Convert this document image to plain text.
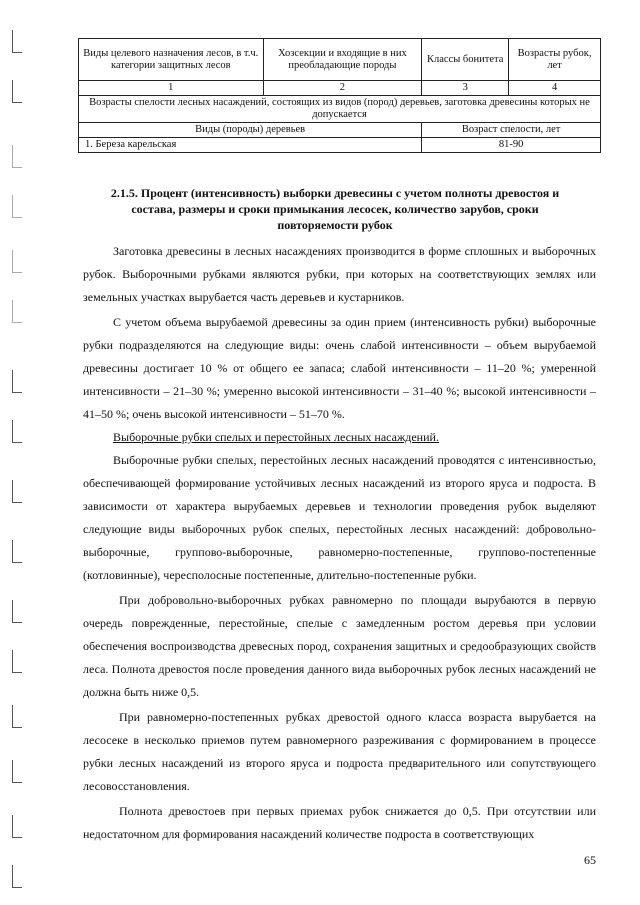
Виды целевого назначения лесов, в т.ч. категории защитных лесов	Хозсекции и входящие в них преобладающие породы	Классы бонитета	Возрасты рубок, лет
1	2	3	4
Возрасты спелости лесных насаждений, состоящих из видов (пород) деревьев, заготовка древесины которых не допускается			
Виды (породы) деревьев		Возраст спелости, лет	
1. Береза карельская		81-90	
2.1.5. Процент (интенсивность) выборки древесины с учетом полноты древостоя и состава, размеры и сроки примыкания лесосек, количество зарубов, сроки повторяемости рубок

Заготовка древесины в лесных насаждениях производится в форме сплошных и выборочных рубок. Выборочными рубками являются рубки, при которых на соответствующих землях или земельных участках вырубается часть деревьев и кустарников.

С учетом объема вырубаемой древесины за один прием (интенсивность рубки) выборочные рубки подразделяются на следующие виды: очень слабой интенсивности – объем вырубаемой древесины достигает 10 % от общего ее запаса; слабой интенсивности – 11–20 %; умеренной интенсивности – 21–30 %; умеренно высокой интенсивности – 31–40 %; высокой интенсивности – 41–50 %; очень высокой интенсивности – 51–70 %.

Выборочные рубки спелых и перестойных лесных насаждений.

Выборочные рубки спелых, перестойных лесных насаждений проводятся с интенсивностью, обеспечивающей формирование устойчивых лесных насаждений из второго яруса и подроста. В зависимости от характера вырубаемых деревьев и технологии проведения рубок выделяют следующие виды выборочных рубок спелых, перестойных лесных насаждений: добровольно-выборочные, группово-выборочные, равномерно-постепенные, группово-постепенные (котловинные), чересполосные постепенные, длительно-постепенные рубки.

При добровольно-выборочных рубках равномерно по площади вырубаются в первую очередь поврежденные, перестойные, спелые с замедленным ростом деревья при условии обеспечения воспроизводства древесных пород, сохранения защитных и средообразующих свойств леса. Полнота древостоя после проведения данного вида выборочных рубок лесных насаждений не должна быть ниже 0,5.

При равномерно-постепенных рубках древостой одного класса возраста вырубается на лесосеке в несколько приемов путем равномерного разреживания с формированием в процессе рубки лесных насаждений из второго яруса и подроста предварительного или сопутствующего лесовосстановления.

Полнота древостоев при первых приемах рубок снижается до 0,5. При отсутствии или недостаточном для формирования насаждений количестве подроста в соответствующих

65
